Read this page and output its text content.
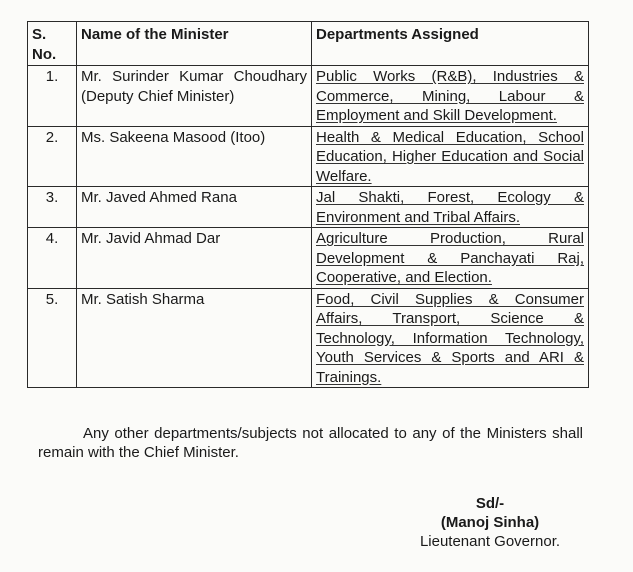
S. No.	Name of the Minister	Departments Assigned
1.	Mr. Surinder Kumar Choudhary (Deputy Chief Minister)	Public Works (R&B), Industries & Commerce, Mining, Labour & Employment and Skill Development.
2.	Ms. Sakeena Masood (Itoo)	Health & Medical Education, School Education, Higher Education and Social Welfare.
3.	Mr. Javed Ahmed Rana	Jal Shakti, Forest, Ecology & Environment and Tribal Affairs.
4.	Mr. Javid Ahmad Dar	Agriculture Production, Rural Development & Panchayati Raj, Cooperative, and Election.
5.	Mr. Satish Sharma	Food, Civil Supplies & Consumer Affairs, Transport, Science & Technology, Information Technology, Youth Services & Sports and ARI & Trainings.

Any other departments/subjects not allocated to any of the Ministers shall remain with the Chief Minister.

Sd/-
(Manoj Sinha)
Lieutenant Governor.
